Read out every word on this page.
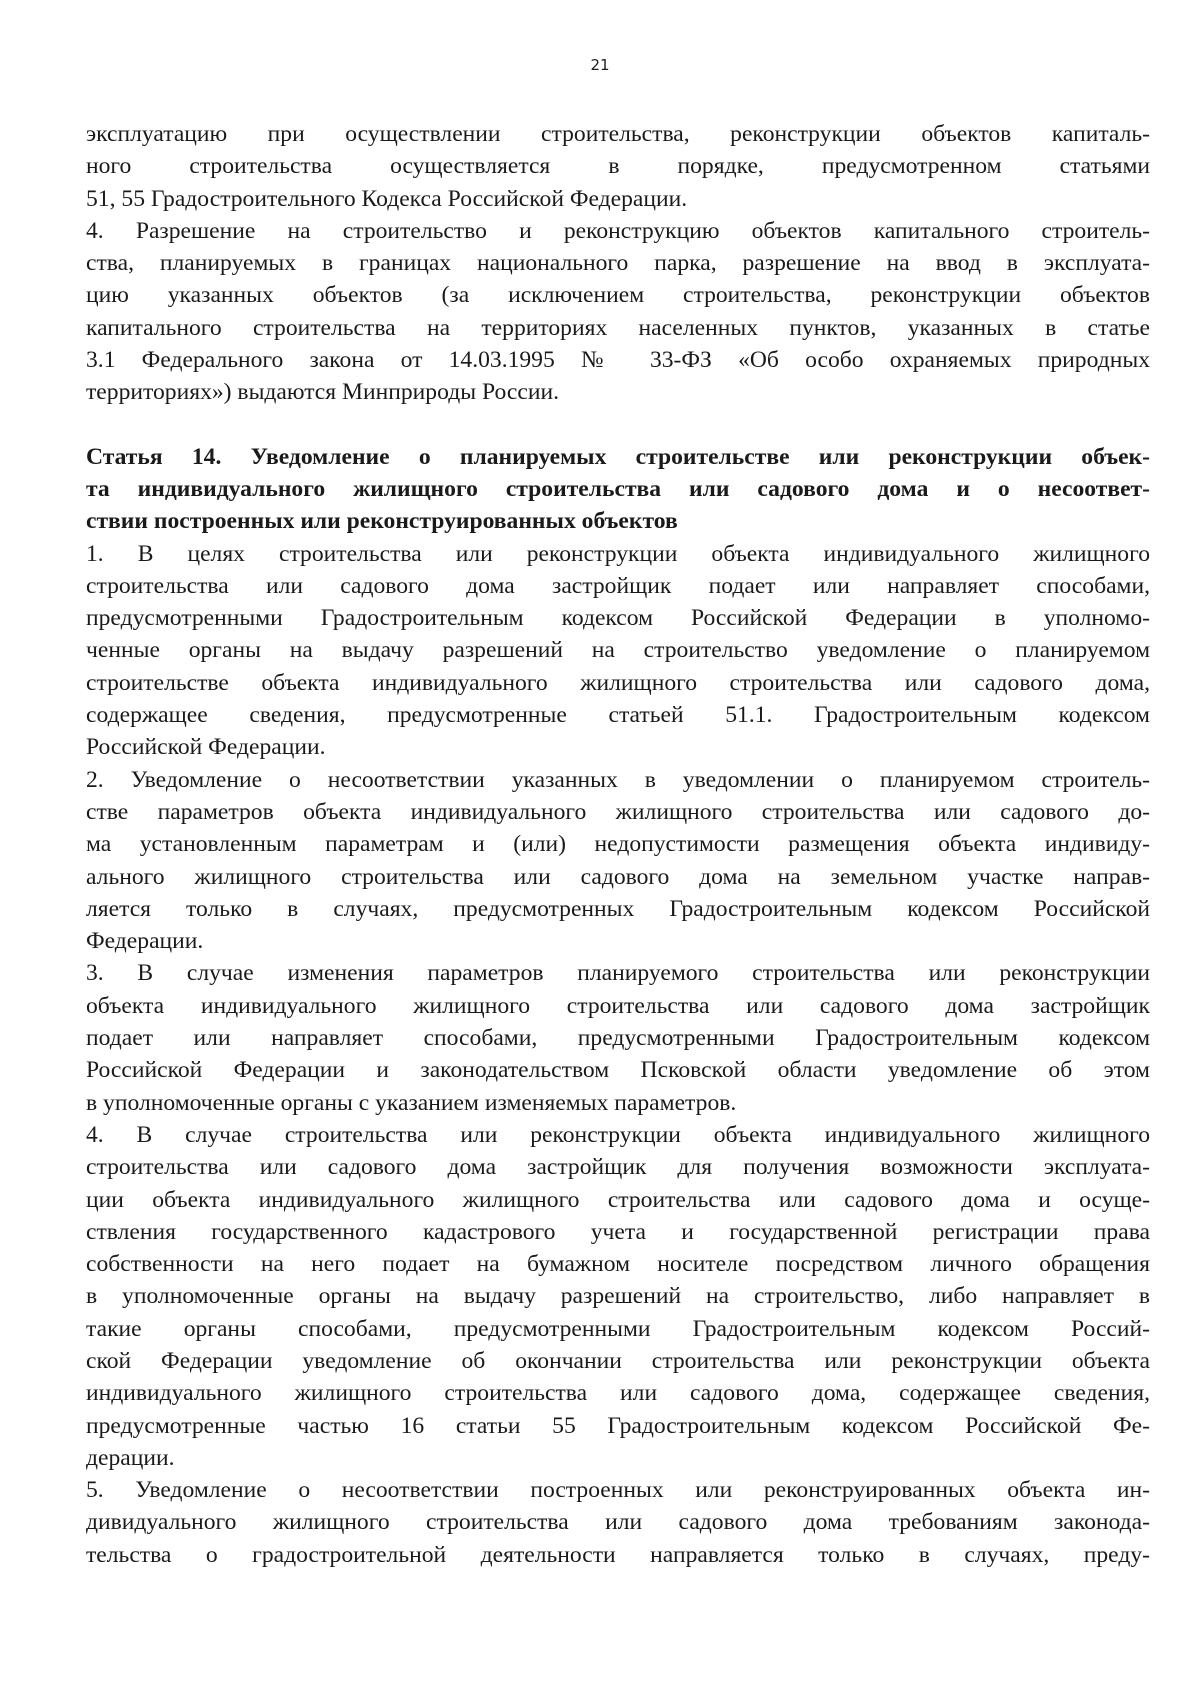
21

эксплуатацию при осуществлении строительства, реконструкции объектов капиталь-
ного строительства осуществляется в порядке, предусмотренном статьями
51, 55 Градостроительного Кодекса Российской Федерации.

4. Разрешение на строительство и реконструкцию объектов капитального строитель-
ства, планируемых в границах национального парка, разрешение на ввод в эксплуата-
цию указанных объектов (за исключением строительства, реконструкции объектов
капитального строительства на территориях населенных пунктов, указанных в статье
3.1 Федерального закона от 14.03.1995 № 33-ФЗ «Об особо охраняемых природных
территориях») выдаются Минприроды России.

Статья 14. Уведомление о планируемых строительстве или реконструкции объек-
та индивидуального жилищного строительства или садового дома и о несоответ-
ствии построенных или реконструированных объектов

1. В целях строительства или реконструкции объекта индивидуального жилищного
строительства или садового дома застройщик подает или направляет способами,
предусмотренными Градостроительным кодексом Российской Федерации в уполномо-
ченные органы на выдачу разрешений на строительство уведомление о планируемом
строительстве объекта индивидуального жилищного строительства или садового дома,
содержащее сведения, предусмотренные статьей 51.1. Градостроительным кодексом
Российской Федерации.

2. Уведомление о несоответствии указанных в уведомлении о планируемом строитель-
стве параметров объекта индивидуального жилищного строительства или садового до-
ма установленным параметрам и (или) недопустимости размещения объекта индивиду-
ального жилищного строительства или садового дома на земельном участке направ-
ляется только в случаях, предусмотренных Градостроительным кодексом Российской
Федерации.

3. В случае изменения параметров планируемого строительства или реконструкции
объекта индивидуального жилищного строительства или садового дома застройщик
подает или направляет способами, предусмотренными Градостроительным кодексом
Российской Федерации и законодательством Псковской области уведомление об этом
в уполномоченные органы с указанием изменяемых параметров.

4. В случае строительства или реконструкции объекта индивидуального жилищного
строительства или садового дома застройщик для получения возможности эксплуата-
ции объекта индивидуального жилищного строительства или садового дома и осуще-
ствления государственного кадастрового учета и государственной регистрации права
собственности на него подает на бумажном носителе посредством личного обращения
в уполномоченные органы на выдачу разрешений на строительство, либо направляет в
такие органы способами, предусмотренными Градостроительным кодексом Россий-
ской Федерации уведомление об окончании строительства или реконструкции объекта
индивидуального жилищного строительства или садового дома, содержащее сведения,
предусмотренные частью 16 статьи 55 Градостроительным кодексом Российской Фе-
дерации.

5. Уведомление о несоответствии построенных или реконструированных объекта ин-
дивидуального жилищного строительства или садового дома требованиям законода-
тельства о градостроительной деятельности направляется только в случаях, преду-
